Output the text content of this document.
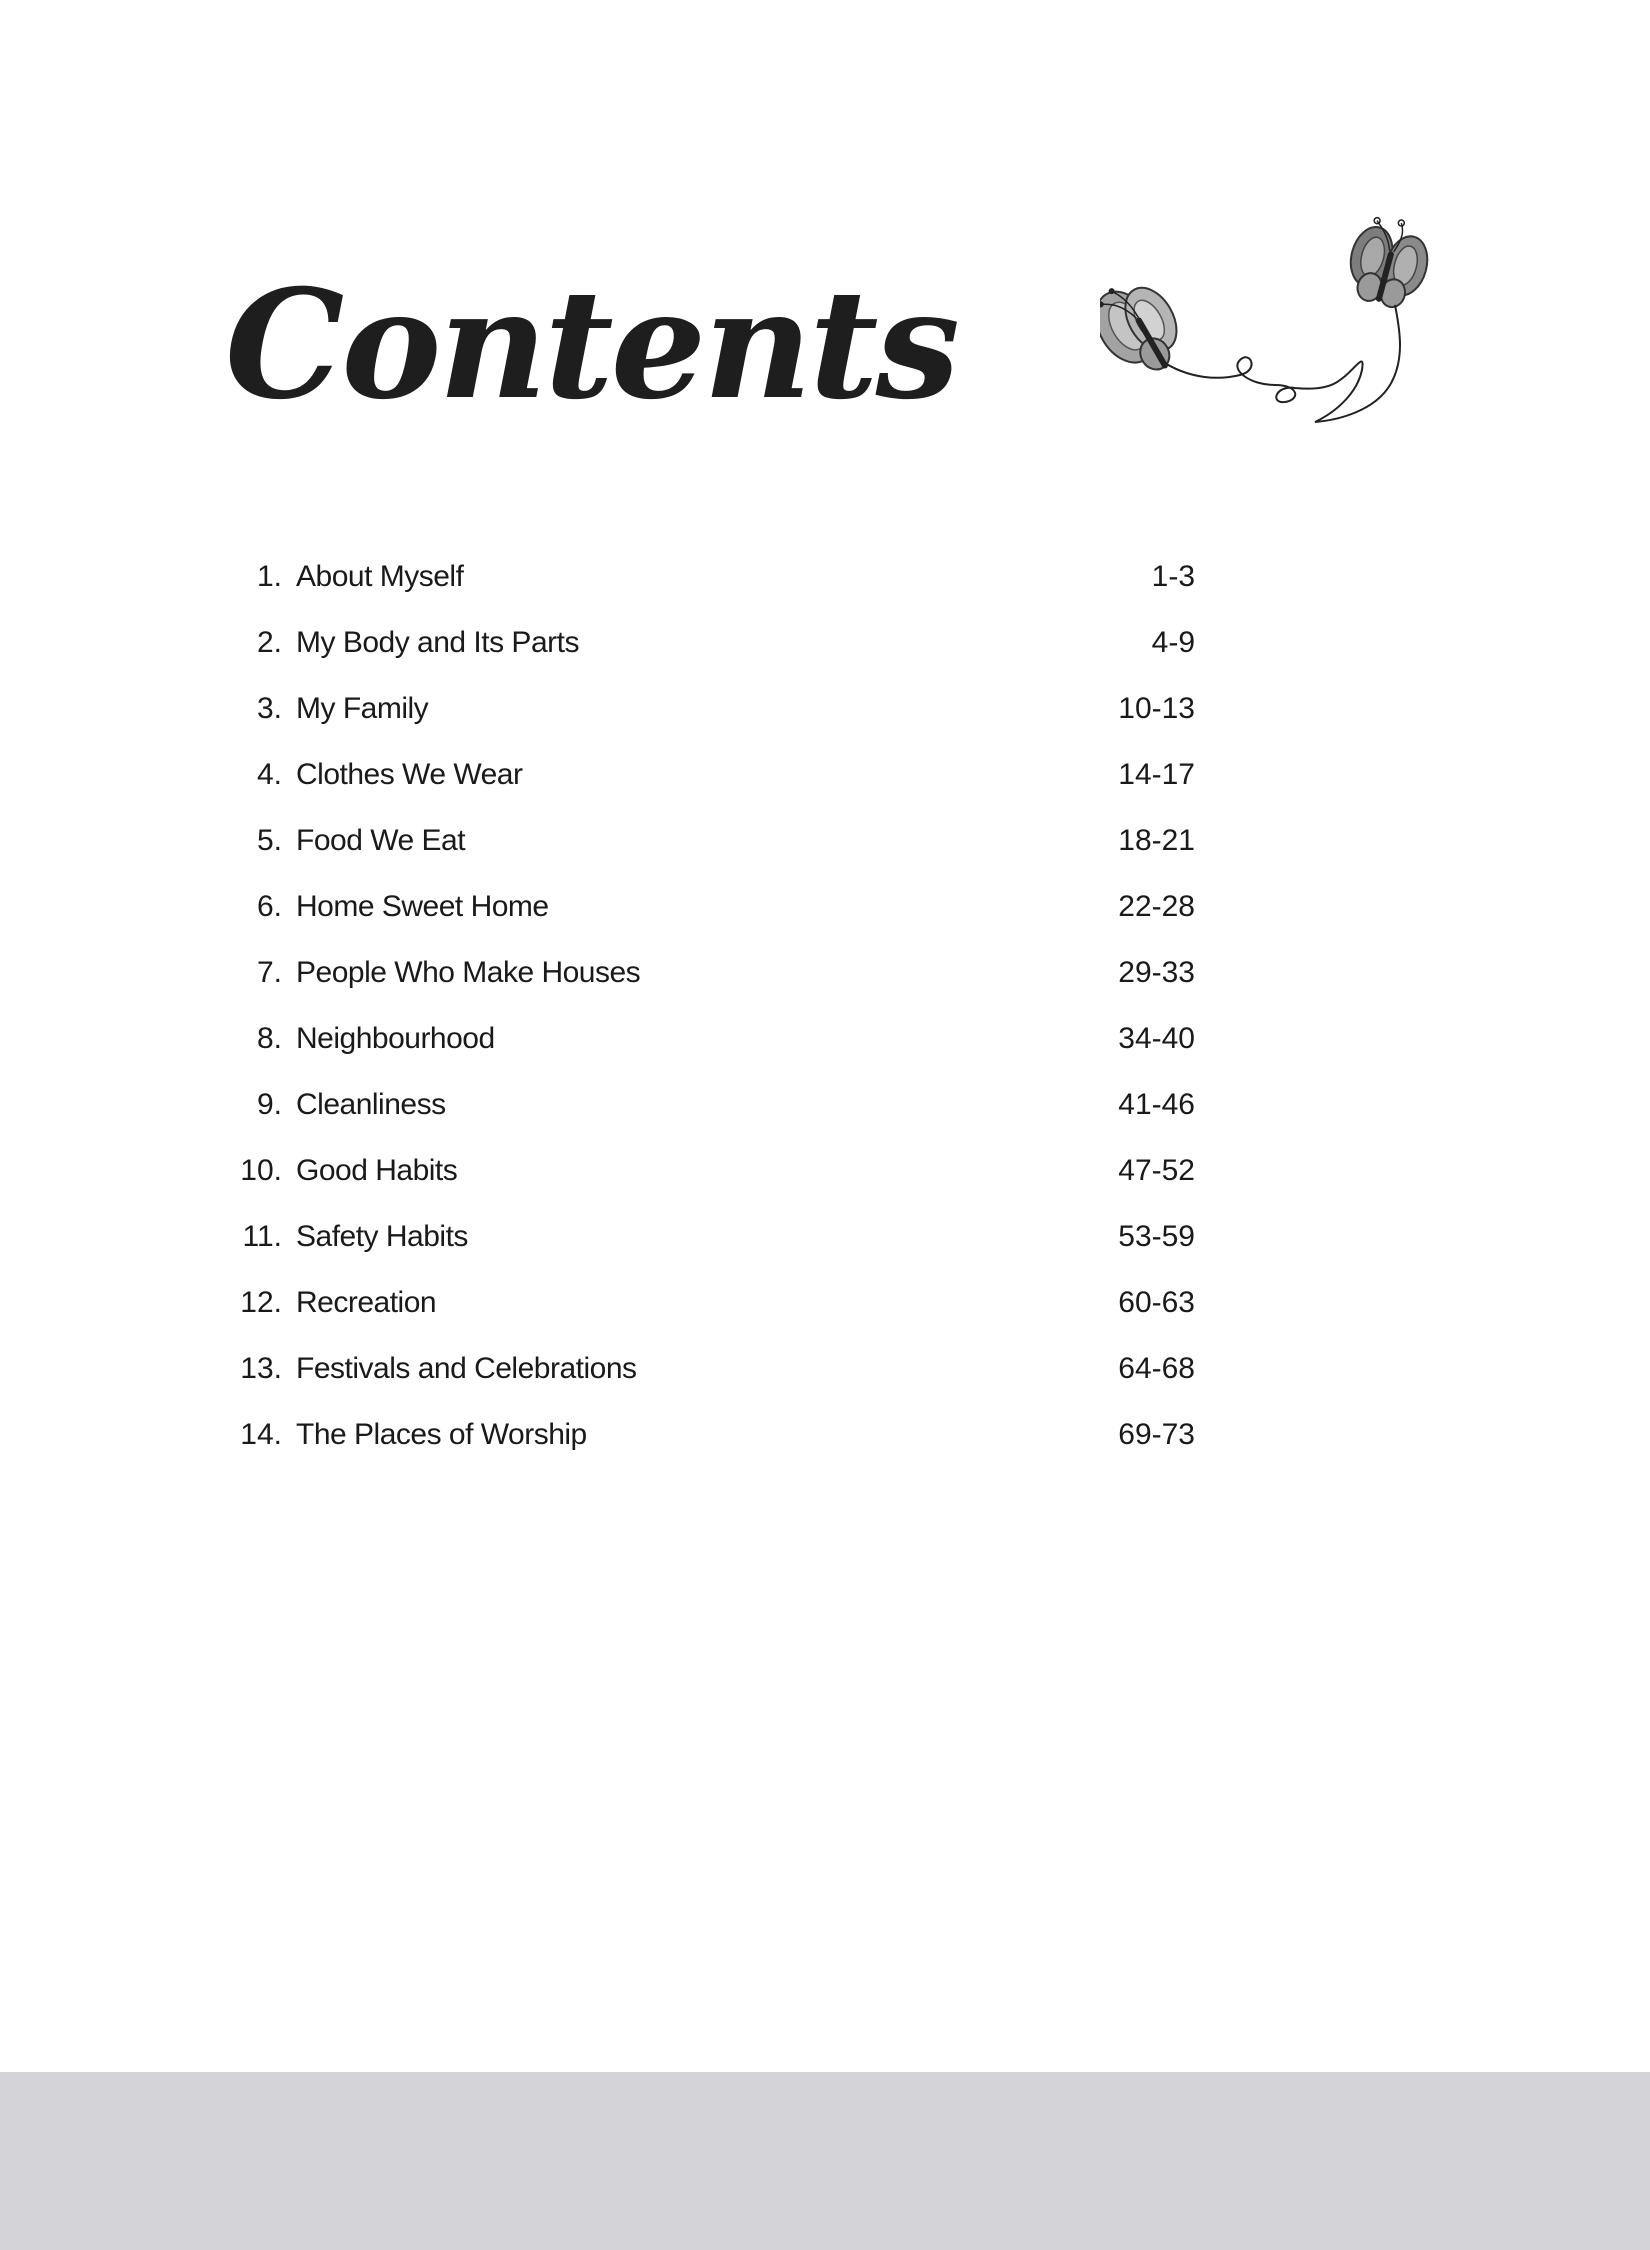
Contents
1. About Myself	1-3
2. My Body and Its Parts	4-9
3. My Family	10-13
4. Clothes We Wear	14-17
5. Food We Eat	18-21
6. Home Sweet Home	22-28
7. People Who Make Houses	29-33
8. Neighbourhood	34-40
9. Cleanliness	41-46
10. Good Habits	47-52
11. Safety Habits	53-59
12. Recreation	60-63
13. Festivals and Celebrations	64-68
14. The Places of Worship	69-73
